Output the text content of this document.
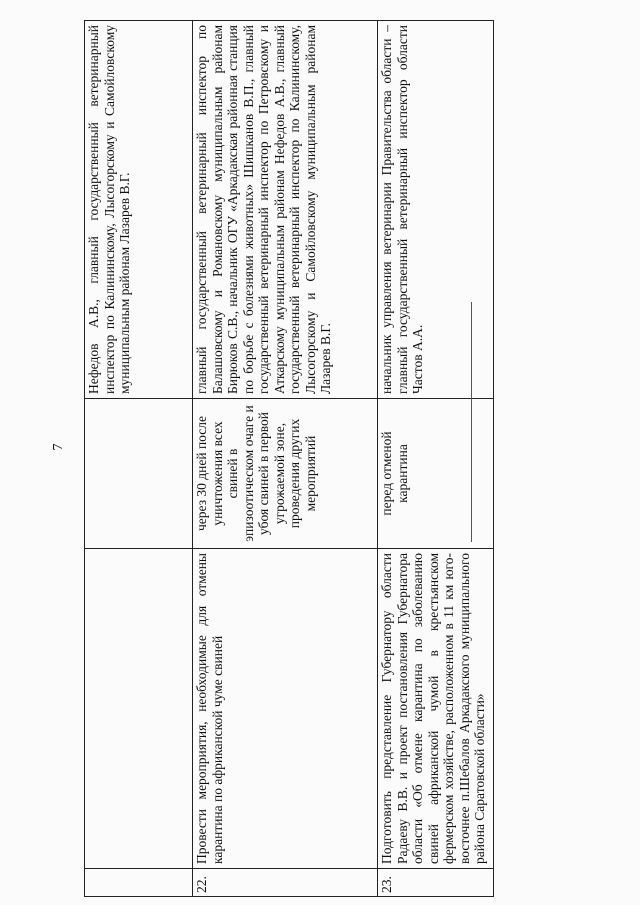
7
			Нефедов А.В., главный государственный ветеринарный инспектор по Калининскому, Лысогорскому и Самойловскому муниципальным районам Лазарев В.Г.
22.	Провести мероприятия, необходимые для отмены карантина по африканской чуме свиней	через 30 дней после уничтожения всех свиней в эпизоотическом очаге и убоя свиней в первой угрожаемой зоне, проведения других мероприятий	главный государственный ветеринарный инспектор по Балашовскому и Романовскому муниципальным районам Бирюков С.В., начальник ОГУ «Аркадакская районная станция по борьбе с болезнями животных» Шишканов В.П., главный государственный ветеринарный инспектор по Петровскому и Аткарскому муниципальным районам Нефедов А.В., главный государственный ветеринарный инспектор по Калининскому, Лысогорскому и Самойловскому муниципальным районам Лазарев В.Г.
23.	Подготовить представление Губернатору области Радаеву В.В. и проект постановления Губернатора области «Об отмене карантина по заболеванию свиней африканской чумой в крестьянском фермерском хозяйстве, расположенном в 11 км юго-восточнее п.Шебалов Аркадакского муниципального района Саратовской области»	перед отменой карантина	начальник управления ветеринарии Правительства области – главный государственный ветеринарный инспектор области Частов А.А.
